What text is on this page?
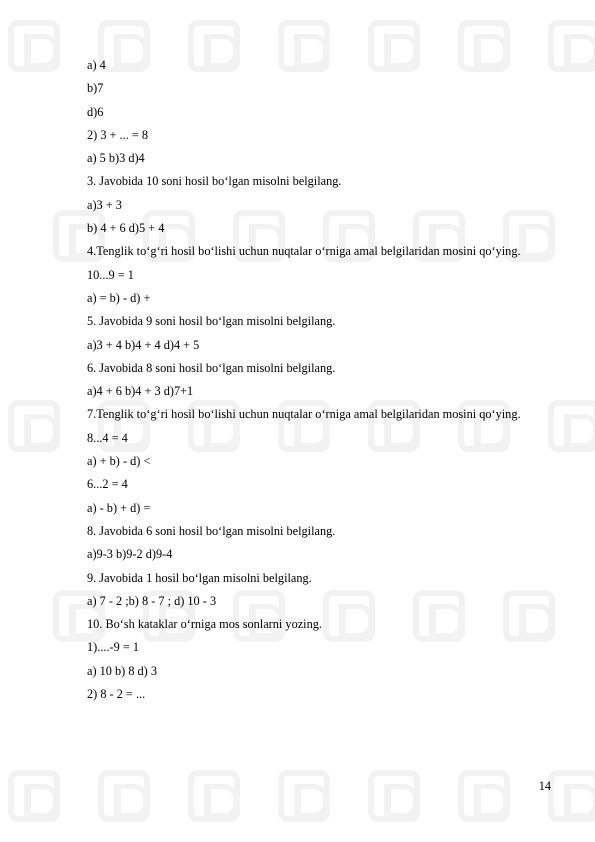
a) 4
b)7
d)6
2) 3 + ... = 8
a) 5 b)3 d)4
3. Javobida 10 soni hosil bo‘lgan misolni belgilang.
a)3 + 3
b) 4 + 6 d)5 + 4
4.Tenglik to‘g‘ri hosil bo‘lishi uchun nuqtalar o‘rniga amal belgilaridan mosini qo‘ying.
10...9 = 1
a) = b) - d) +
5. Javobida 9 soni hosil bo‘lgan misolni belgilang.
a)3 + 4 b)4 + 4 d)4 + 5
6. Javobida 8 soni hosil bo‘lgan misolni belgilang.
a)4 + 6 b)4 + 3 d)7+1
7.Tenglik to‘g‘ri hosil bo‘lishi uchun nuqtalar o‘rniga amal belgilaridan mosini qo‘ying.
8...4 = 4
a) + b) - d) <
6...2 = 4
a) - b) + d) =
8. Javobida 6 soni hosil bo‘lgan misolni belgilang.
a)9-3 b)9-2 d)9-4
9. Javobida 1 hosil bo‘lgan misolni belgilang.
a) 7 - 2 ;b) 8 - 7 ; d) 10 - 3
10. Bo‘sh kataklar o‘rniga mos sonlarni yozing.
1)....-9 = 1
a) 10 b) 8 d) 3
2) 8 - 2 = ...
14
